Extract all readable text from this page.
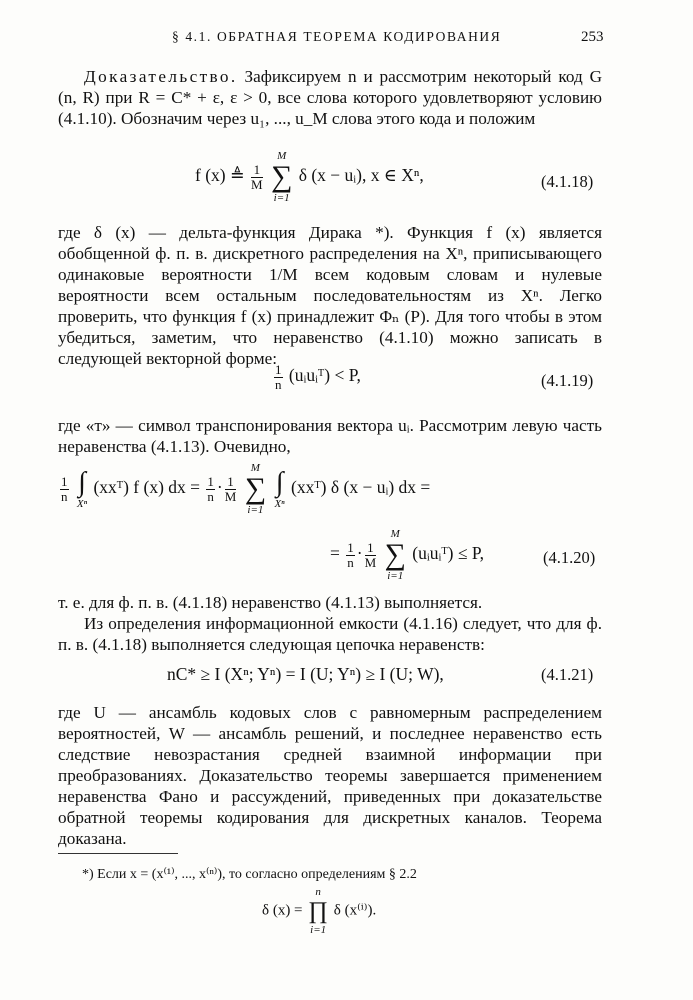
§ 4.1. ОБРАТНАЯ ТЕОРЕМА КОДИРОВАНИЯ	253
Доказательство. Зафиксируем n и рассмотрим некоторый код G (n, R) при R = C* + ε, ε > 0, все слова которого удовлетворяют условию (4.1.10). Обозначим через u₁, ..., u_M слова этого кода и положим
f (x) ≜ $\frac{1}{M}$

M
∑
i=1
δ (x − uᵢ), x ∈ Xⁿ,	(4.1.18)
где δ (x) — дельта-функция Дирака *). Функция f (x) является обобщенной ф. п. в. дискретного распределения на Xⁿ, приписывающего одинаковые вероятности 1/M всем кодовым словам и нулевые вероятности всем остальным последовательностям из Xⁿ. Легко проверить, что функция f (x) принадлежит Φₙ (P). Для того чтобы в этом убедиться, заметим, что неравенство (4.1.10) можно записать в следующей векторной форме:
$\frac{1}{n}$ (uᵢuᵢᵀ) < P,	(4.1.19)
где «т» — символ транспонирования вектора uᵢ. Рассмотрим левую часть неравенства (4.1.13). Очевидно,
$\frac{1}{n}$
∫
Xⁿ
(xxᵀ) f (x) dx = $\frac{1}{n} \cdot \frac{1}{M}$

M
∑
i=1

∫
Xⁿ
(xxᵀ) δ (x − uᵢ) dx =
= $\frac{1}{n} \cdot \frac{1}{M}$

M
∑
i=1
(uᵢuᵢᵀ) ≤ P,	(4.1.20)
т. е. для ф. п. в. (4.1.18) неравенство (4.1.13) выполняется.
Из определения информационной емкости (4.1.16) следует, что для ф. п. в. (4.1.18) выполняется следующая цепочка неравенств:
nC* ≥ I (Xⁿ; Yⁿ) = I (U; Yⁿ) ≥ I (U; W),	(4.1.21)
где U — ансамбль кодовых слов с равномерным распределением вероятностей, W — ансамбль решений, и последнее неравенство есть следствие невозрастания средней взаимной информации при преобразованиях. Доказательство теоремы завершается применением неравенства Фано и рассуждений, приведенных при доказательстве обратной теоремы кодирования для дискретных каналов. Теорема доказана.
*) Если x = (x⁽¹⁾, ..., x⁽ⁿ⁾), то согласно определениям § 2.2
δ (x) =
n
∏
i=1
δ (x⁽ⁱ⁾).
